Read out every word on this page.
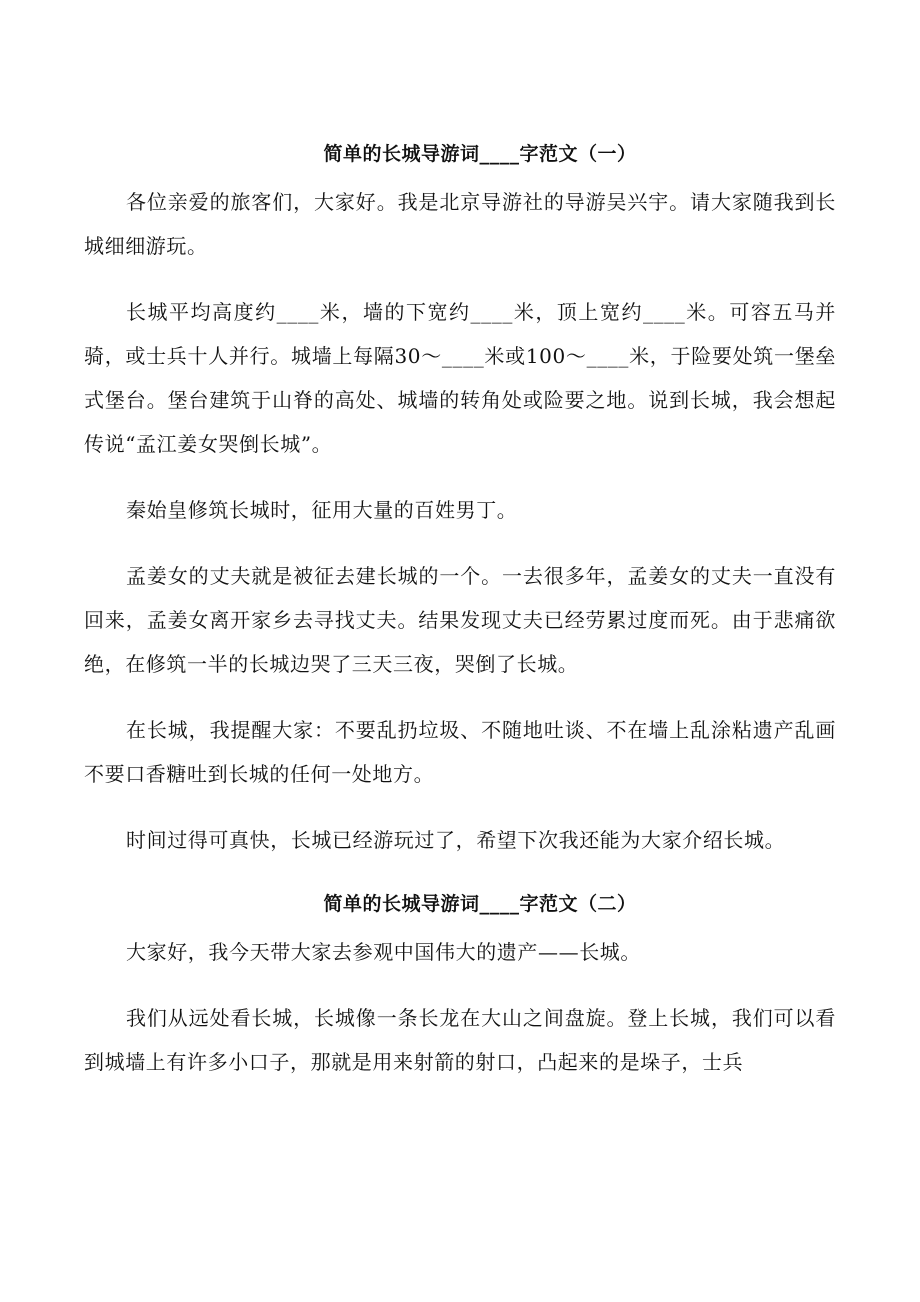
简单的长城导游词____字范文（一）

各位亲爱的旅客们，大家好。我是北京导游社的导游吴兴宇。请大家随我到长城细细游玩。

长城平均高度约____米，墙的下宽约____米，顶上宽约____米。可容五马并骑，或士兵十人并行。城墙上每隔30～____米或100～____米，于险要处筑一堡垒式堡台。堡台建筑于山脊的高处、城墙的转角处或险要之地。说到长城，我会想起传说“孟江姜女哭倒长城”。

秦始皇修筑长城时，征用大量的百姓男丁。

孟姜女的丈夫就是被征去建长城的一个。一去很多年，孟姜女的丈夫一直没有回来，孟姜女离开家乡去寻找丈夫。结果发现丈夫已经劳累过度而死。由于悲痛欲绝，在修筑一半的长城边哭了三天三夜，哭倒了长城。

在长城，我提醒大家：不要乱扔垃圾、不随地吐谈、不在墙上乱涂粘遗产乱画不要口香糖吐到长城的任何一处地方。

时间过得可真快，长城已经游玩过了，希望下次我还能为大家介绍长城。

简单的长城导游词____字范文（二）

大家好，我今天带大家去参观中国伟大的遗产——长城。

我们从远处看长城，长城像一条长龙在大山之间盘旋。登上长城，我们可以看到城墙上有许多小口子，那就是用来射箭的射口，凸起来的是垛子，士兵
